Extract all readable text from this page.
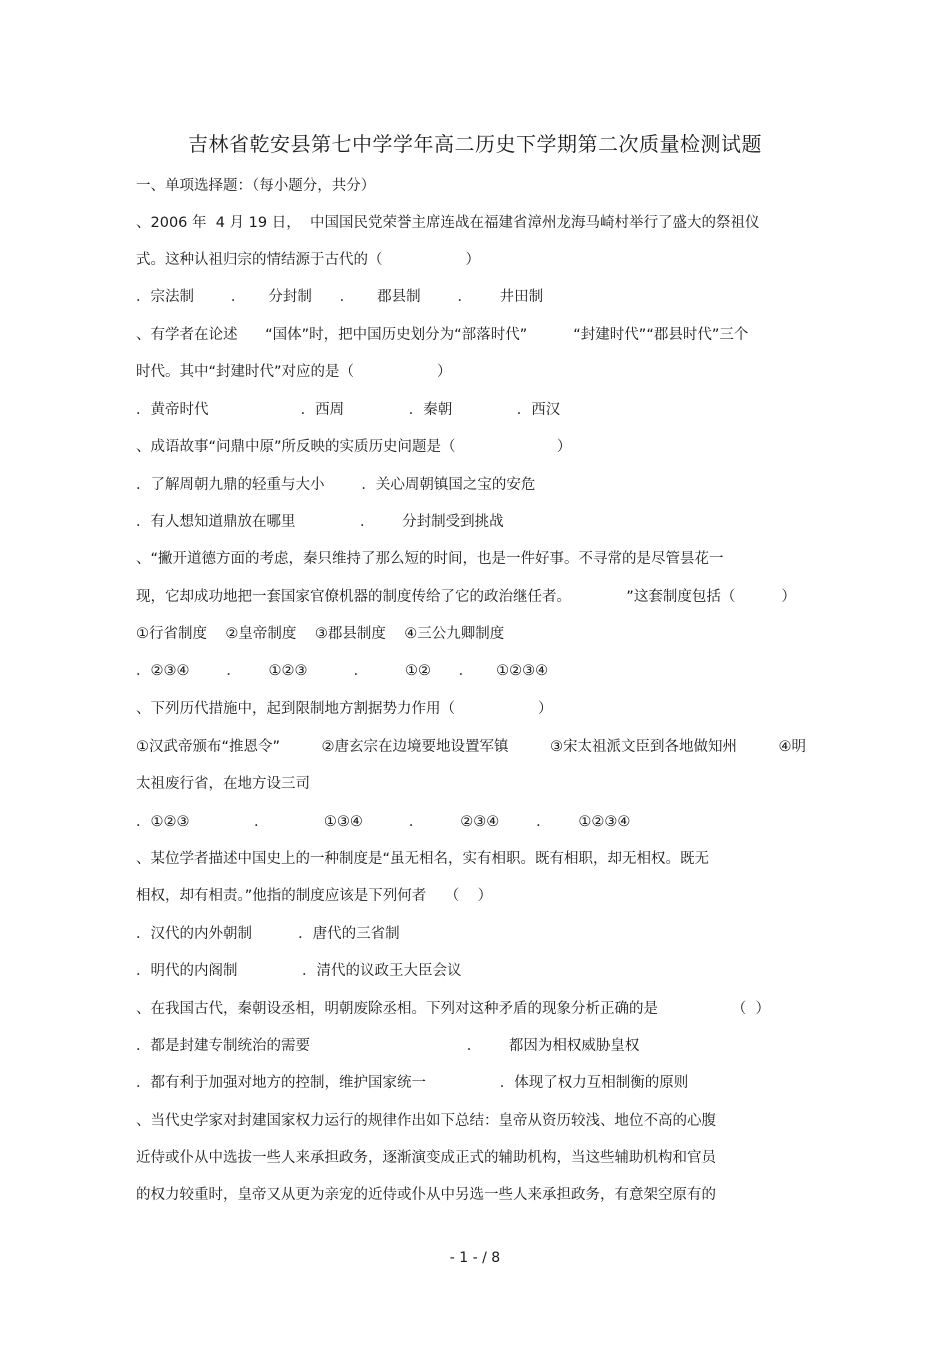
吉林省乾安县第七中学学年高二历史下学期第二次质量检测试题
一、单项选择题：（每小题分，共分）
、2006 年  4 月 19 日，  中国国民党荣誉主席连战在福建省漳州龙海马崎村举行了盛大的祭祖仪
式。这种认祖归宗的情结源于古代的（                  ）
．宗法制        ．     分封制      ．     郡县制        ．      井田制
、有学者在论述      “国体”时，把中国历史划分为“部落时代”          “封建时代”“郡县时代”三个
时代。其中“封建时代”对应的是（                  ）
．黄帝时代                    ．西周              ．秦朝              ．西汉
、成语故事“问鼎中原”所反映的实质历史问题是（                      ）
．了解周朝九鼎的轻重与大小        ．关心周朝镇国之宝的安危
．有人想知道鼎放在哪里              ．      分封制受到挑战
、“撇开道德方面的考虑，秦只维持了那么短的时间，也是一件好事。不寻常的是尽管昙花一
现，它却成功地把一套国家官僚机器的制度传给了它的政治继任者。            ”这套制度包括（          ）
①行省制度    ②皇帝制度    ③郡县制度    ④三公九卿制度
．②③④        ．      ①②③          ．        ①②      ．     ①②③④
、下列历代措施中，起到限制地方割据势力作用（                  ）
①汉武帝颁布“推恩令”         ②唐玄宗在边境要地设置军镇         ③宋太祖派文臣到各地做知州         ④明
太祖废行省，在地方设三司
．①②③              ．            ①③④          ．        ②③④        ．      ①②③④
、某位学者描述中国史上的一种制度是“虽无相名，实有相职。既有相职，却无相权。既无
相权，却有相责。”他指的制度应该是下列何者    （    ）
．汉代的内外朝制          ．唐代的三省制
．明代的内阁制              ．清代的议政王大臣会议
、在我国古代，秦朝设丞相，明朝废除丞相。下列对这种矛盾的现象分析正确的是                （  ）
．都是封建专制统治的需要                                  ．      都因为相权威胁皇权
．都有利于加强对地方的控制，维护国家统一                ．体现了权力互相制衡的原则
、当代史学家对封建国家权力运行的规律作出如下总结：皇帝从资历较浅、地位不高的心腹
近侍或仆从中选拔一些人来承担政务，逐渐演变成正式的辅助机构，当这些辅助机构和官员
的权力较重时，皇帝又从更为亲宠的近侍或仆从中另选一些人来承担政务，有意架空原有的
- 1 - / 8
